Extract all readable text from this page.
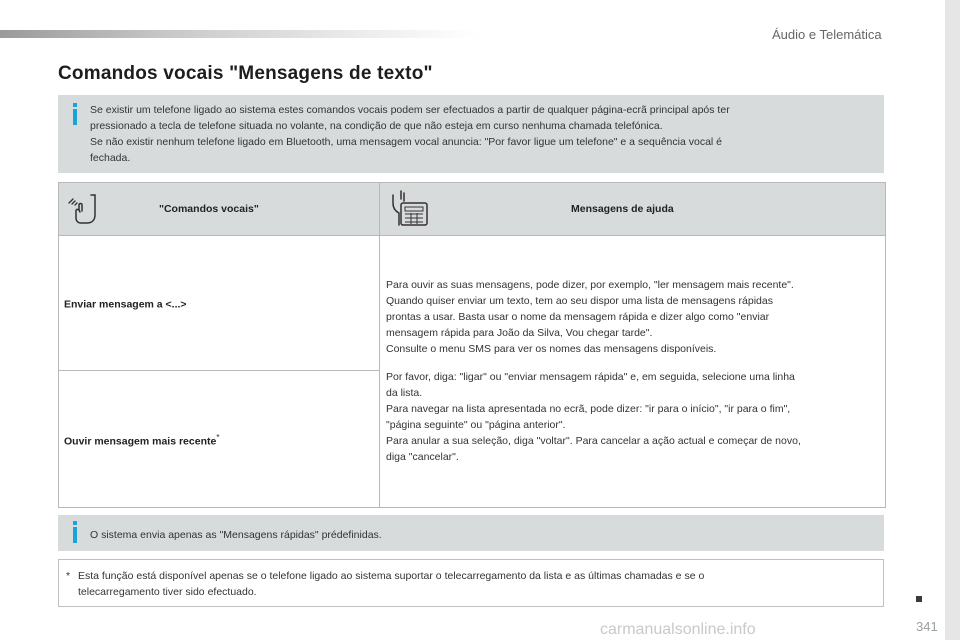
Áudio e Telemática
Comandos vocais "Mensagens de texto"
Se existir um telefone ligado ao sistema estes comandos vocais podem ser efectuados a partir de qualquer página-ecrã principal após ter
pressionado a tecla de telefone situada no volante, na condição de que não esteja em curso nenhuma chamada telefónica.
Se não existir nenhum telefone ligado em Bluetooth, uma mensagem vocal anuncia: "Por favor ligue um telefone" e a sequência vocal é
fechada.
"Comandos vocais"	Mensagens de ajuda
Enviar mensagem a <...>
Ouvir mensagem mais recente*
Para ouvir as suas mensagens, pode dizer, por exemplo, "ler mensagem mais recente".
Quando quiser enviar um texto, tem ao seu dispor uma lista de mensagens rápidas
prontas a usar. Basta usar o nome da mensagem rápida e dizer algo como "enviar
mensagem rápida para João da Silva, Vou chegar tarde".
Consulte o menu SMS para ver os nomes das mensagens disponíveis.
Por favor, diga: "ligar" ou "enviar mensagem rápida" e, em seguida, selecione uma linha
da lista.
Para navegar na lista apresentada no ecrã, pode dizer: "ir para o início", "ir para o fim",
"página seguinte" ou "página anterior".
Para anular a sua seleção, diga "voltar". Para cancelar a ação actual e começar de novo,
diga "cancelar".
O sistema envia apenas as "Mensagens rápidas" prédefinidas.
* Esta função está disponível apenas se o telefone ligado ao sistema suportar o telecarregamento da lista e as últimas chamadas e se o
telecarregamento tiver sido efectuado.
carmanualsonline.info	341
